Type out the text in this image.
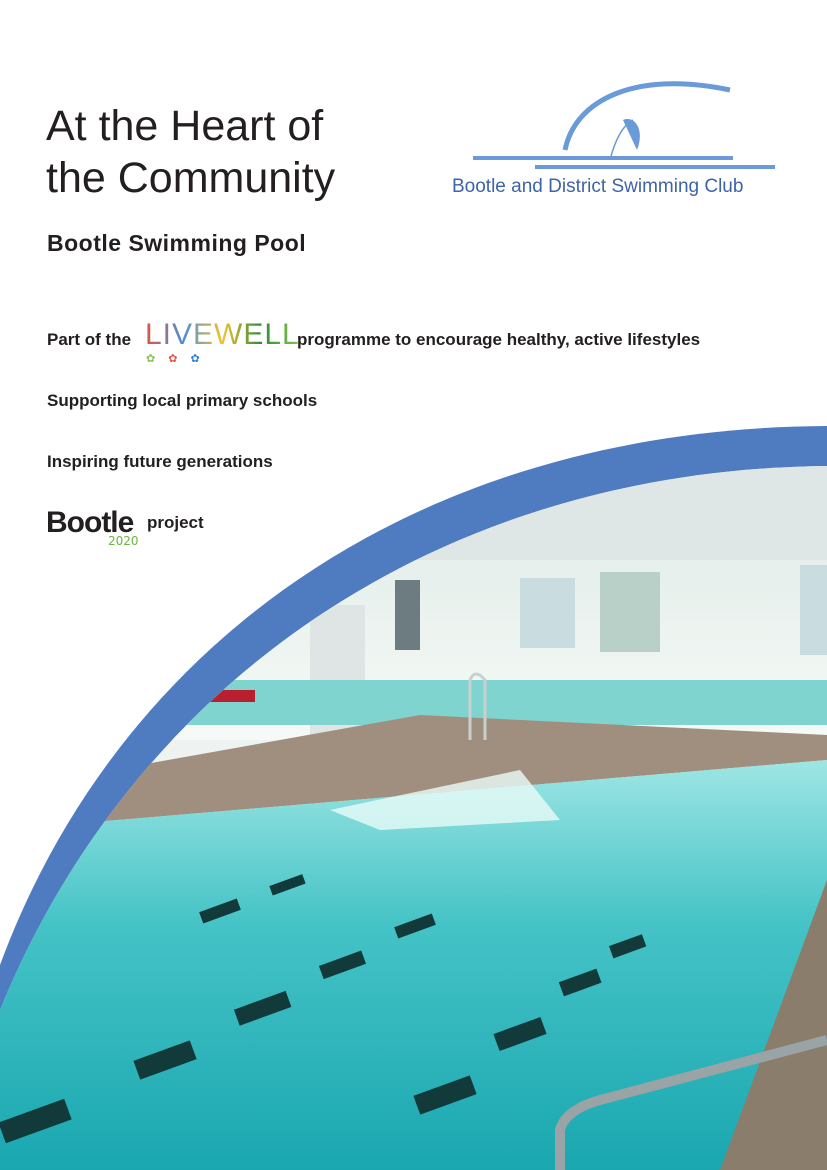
At the Heart of
the Community
Bootle Swimming Pool
Bootle and District Swimming Club
Part of the LIVEWELL
✿✿✿
programme to encourage healthy, active lifestyles
Supporting local primary schools
Inspiring future generations
Bootle
2020
project
